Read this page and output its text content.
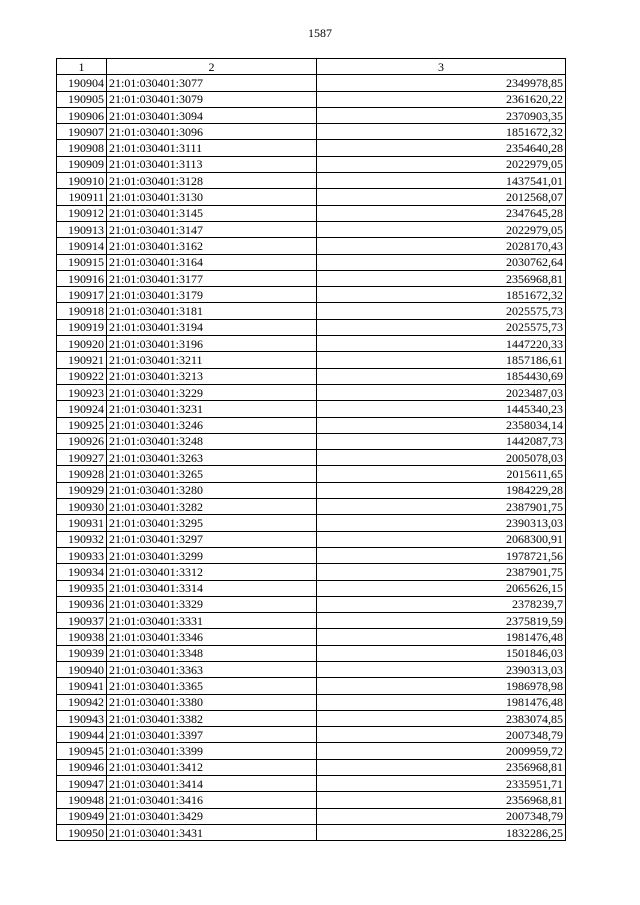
1587
1	2	3
190904	21:01:030401:3077	2349978,85
190905	21:01:030401:3079	2361620,22
190906	21:01:030401:3094	2370903,35
190907	21:01:030401:3096	1851672,32
190908	21:01:030401:3111	2354640,28
190909	21:01:030401:3113	2022979,05
190910	21:01:030401:3128	1437541,01
190911	21:01:030401:3130	2012568,07
190912	21:01:030401:3145	2347645,28
190913	21:01:030401:3147	2022979,05
190914	21:01:030401:3162	2028170,43
190915	21:01:030401:3164	2030762,64
190916	21:01:030401:3177	2356968,81
190917	21:01:030401:3179	1851672,32
190918	21:01:030401:3181	2025575,73
190919	21:01:030401:3194	2025575,73
190920	21:01:030401:3196	1447220,33
190921	21:01:030401:3211	1857186,61
190922	21:01:030401:3213	1854430,69
190923	21:01:030401:3229	2023487,03
190924	21:01:030401:3231	1445340,23
190925	21:01:030401:3246	2358034,14
190926	21:01:030401:3248	1442087,73
190927	21:01:030401:3263	2005078,03
190928	21:01:030401:3265	2015611,65
190929	21:01:030401:3280	1984229,28
190930	21:01:030401:3282	2387901,75
190931	21:01:030401:3295	2390313,03
190932	21:01:030401:3297	2068300,91
190933	21:01:030401:3299	1978721,56
190934	21:01:030401:3312	2387901,75
190935	21:01:030401:3314	2065626,15
190936	21:01:030401:3329	2378239,7
190937	21:01:030401:3331	2375819,59
190938	21:01:030401:3346	1981476,48
190939	21:01:030401:3348	1501846,03
190940	21:01:030401:3363	2390313,03
190941	21:01:030401:3365	1986978,98
190942	21:01:030401:3380	1981476,48
190943	21:01:030401:3382	2383074,85
190944	21:01:030401:3397	2007348,79
190945	21:01:030401:3399	2009959,72
190946	21:01:030401:3412	2356968,81
190947	21:01:030401:3414	2335951,71
190948	21:01:030401:3416	2356968,81
190949	21:01:030401:3429	2007348,79
190950	21:01:030401:3431	1832286,25
